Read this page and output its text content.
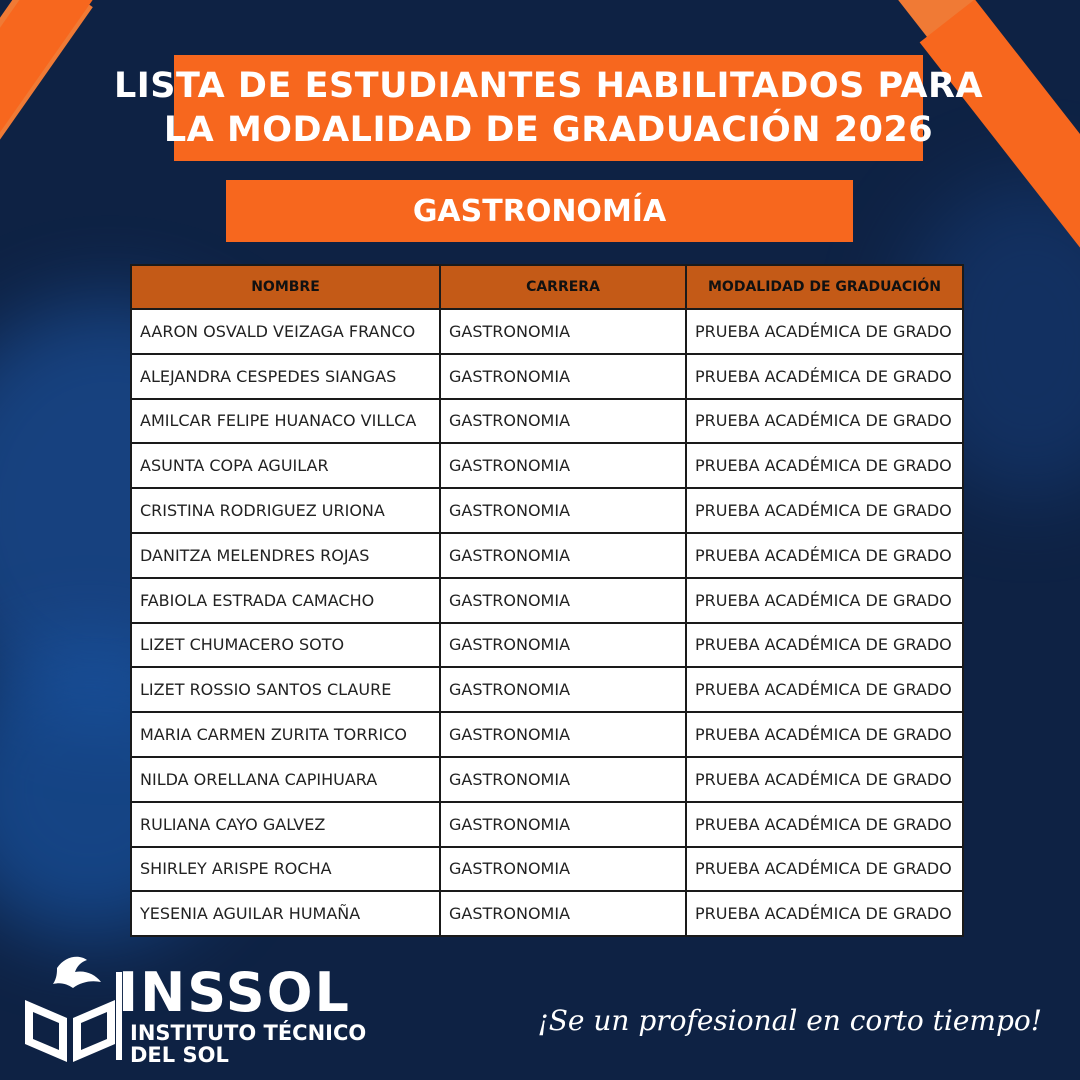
LISTA DE ESTUDIANTES HABILITADOS PARA
LA MODALIDAD DE GRADUACIÓN 2026
GASTRONOMÍA
NOMBRE	CARRERA	MODALIDAD DE GRADUACIÓN
AARON OSVALD VEIZAGA FRANCO	GASTRONOMIA	PRUEBA ACADÉMICA DE GRADO
ALEJANDRA CESPEDES SIANGAS	GASTRONOMIA	PRUEBA ACADÉMICA DE GRADO
AMILCAR FELIPE HUANACO VILLCA	GASTRONOMIA	PRUEBA ACADÉMICA DE GRADO
ASUNTA COPA AGUILAR	GASTRONOMIA	PRUEBA ACADÉMICA DE GRADO
CRISTINA RODRIGUEZ URIONA	GASTRONOMIA	PRUEBA ACADÉMICA DE GRADO
DANITZA MELENDRES ROJAS	GASTRONOMIA	PRUEBA ACADÉMICA DE GRADO
FABIOLA ESTRADA CAMACHO	GASTRONOMIA	PRUEBA ACADÉMICA DE GRADO
LIZET CHUMACERO SOTO	GASTRONOMIA	PRUEBA ACADÉMICA DE GRADO
LIZET ROSSIO SANTOS CLAURE	GASTRONOMIA	PRUEBA ACADÉMICA DE GRADO
MARIA CARMEN ZURITA TORRICO	GASTRONOMIA	PRUEBA ACADÉMICA DE GRADO
NILDA ORELLANA CAPIHUARA	GASTRONOMIA	PRUEBA ACADÉMICA DE GRADO
RULIANA CAYO GALVEZ	GASTRONOMIA	PRUEBA ACADÉMICA DE GRADO
SHIRLEY ARISPE ROCHA	GASTRONOMIA	PRUEBA ACADÉMICA DE GRADO
YESENIA AGUILAR HUMAÑA	GASTRONOMIA	PRUEBA ACADÉMICA DE GRADO
INSSOL
INSTITUTO TÉCNICO
DEL SOL
¡Se un profesional en corto tiempo!
